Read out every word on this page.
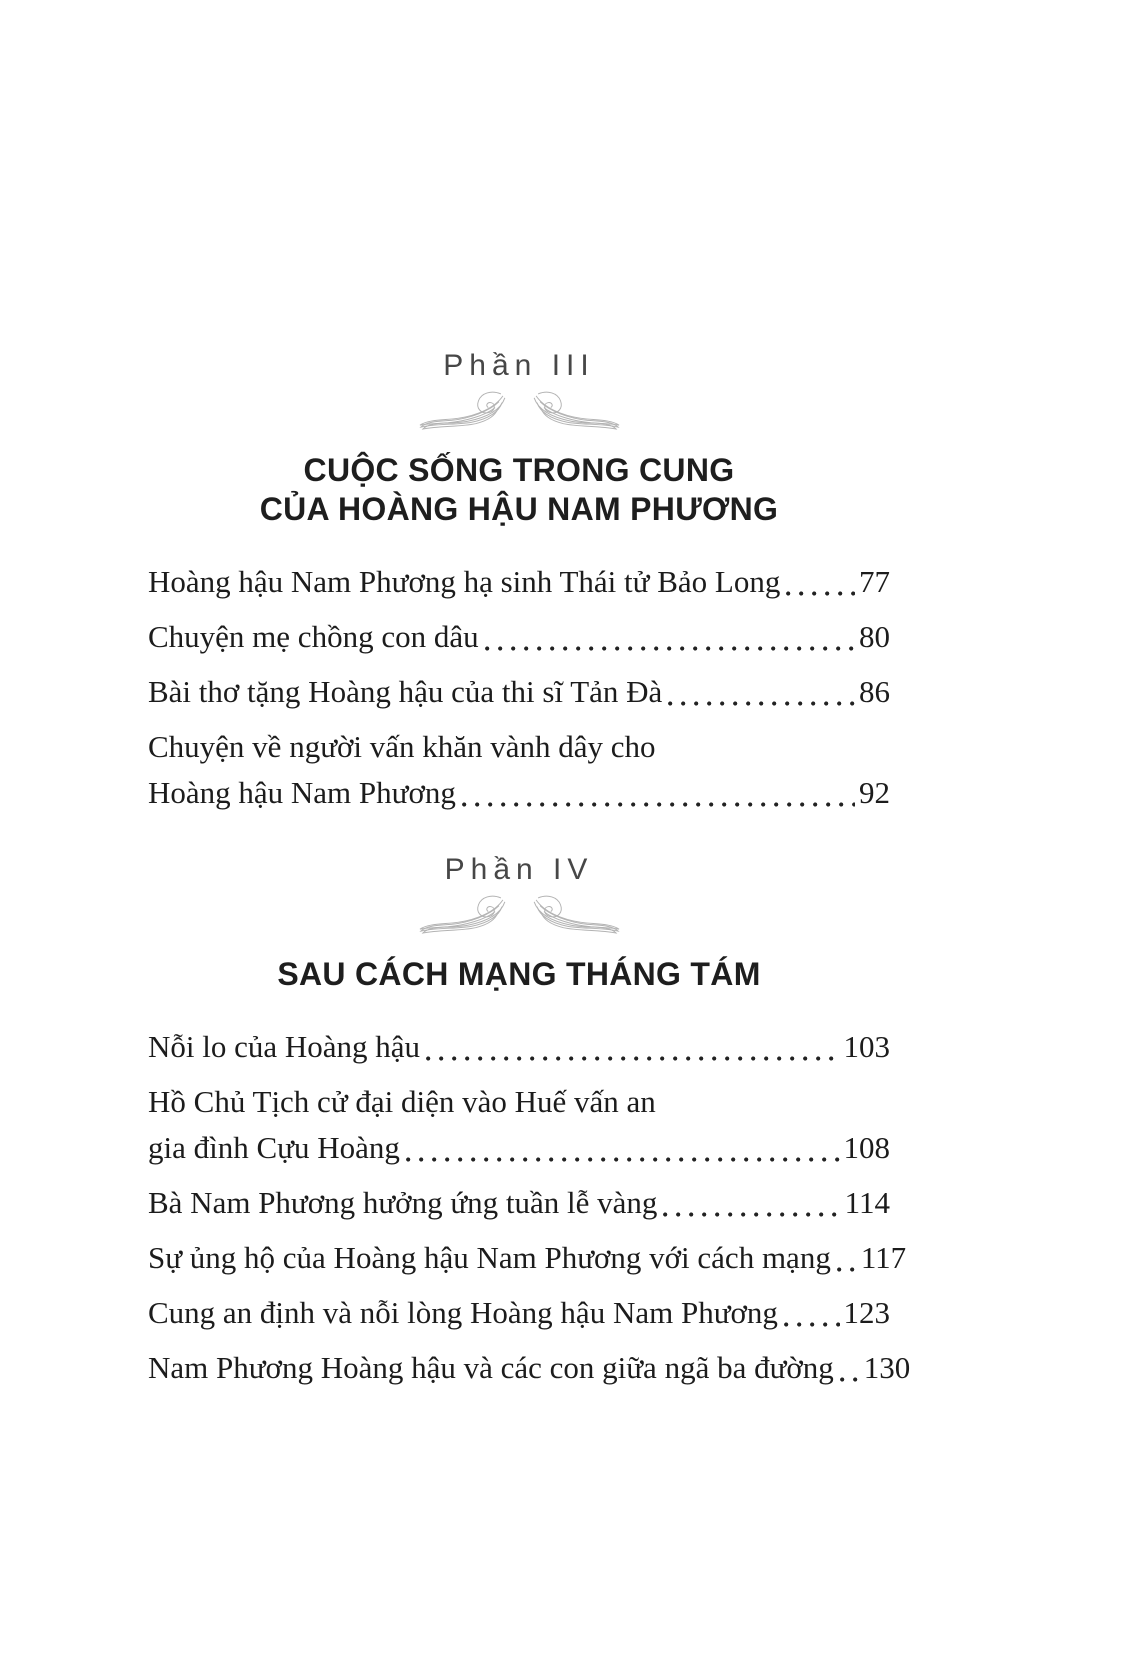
Phần III
CUỘC SỐNG TRONG CUNG
CỦA HOÀNG HẬU NAM PHƯƠNG
Hoàng hậu Nam Phương hạ sinh Thái tử Bảo Long	77
Chuyện mẹ chồng con dâu	80
Bài thơ tặng Hoàng hậu của thi sĩ Tản Đà	86
Chuyện về người vấn khăn vành dây cho
Hoàng hậu Nam Phương	92
Phần IV
SAU CÁCH MẠNG THÁNG TÁM
Nỗi lo của Hoàng hậu	103
Hồ Chủ Tịch cử đại diện vào Huế vấn an
gia đình Cựu Hoàng	108
Bà Nam Phương hưởng ứng tuần lễ vàng	114
Sự ủng hộ của Hoàng hậu Nam Phương với cách mạng 117
Cung an định và nỗi lòng Hoàng hậu Nam Phương 123
Nam Phương Hoàng hậu và các con giữa ngã ba đường 130
